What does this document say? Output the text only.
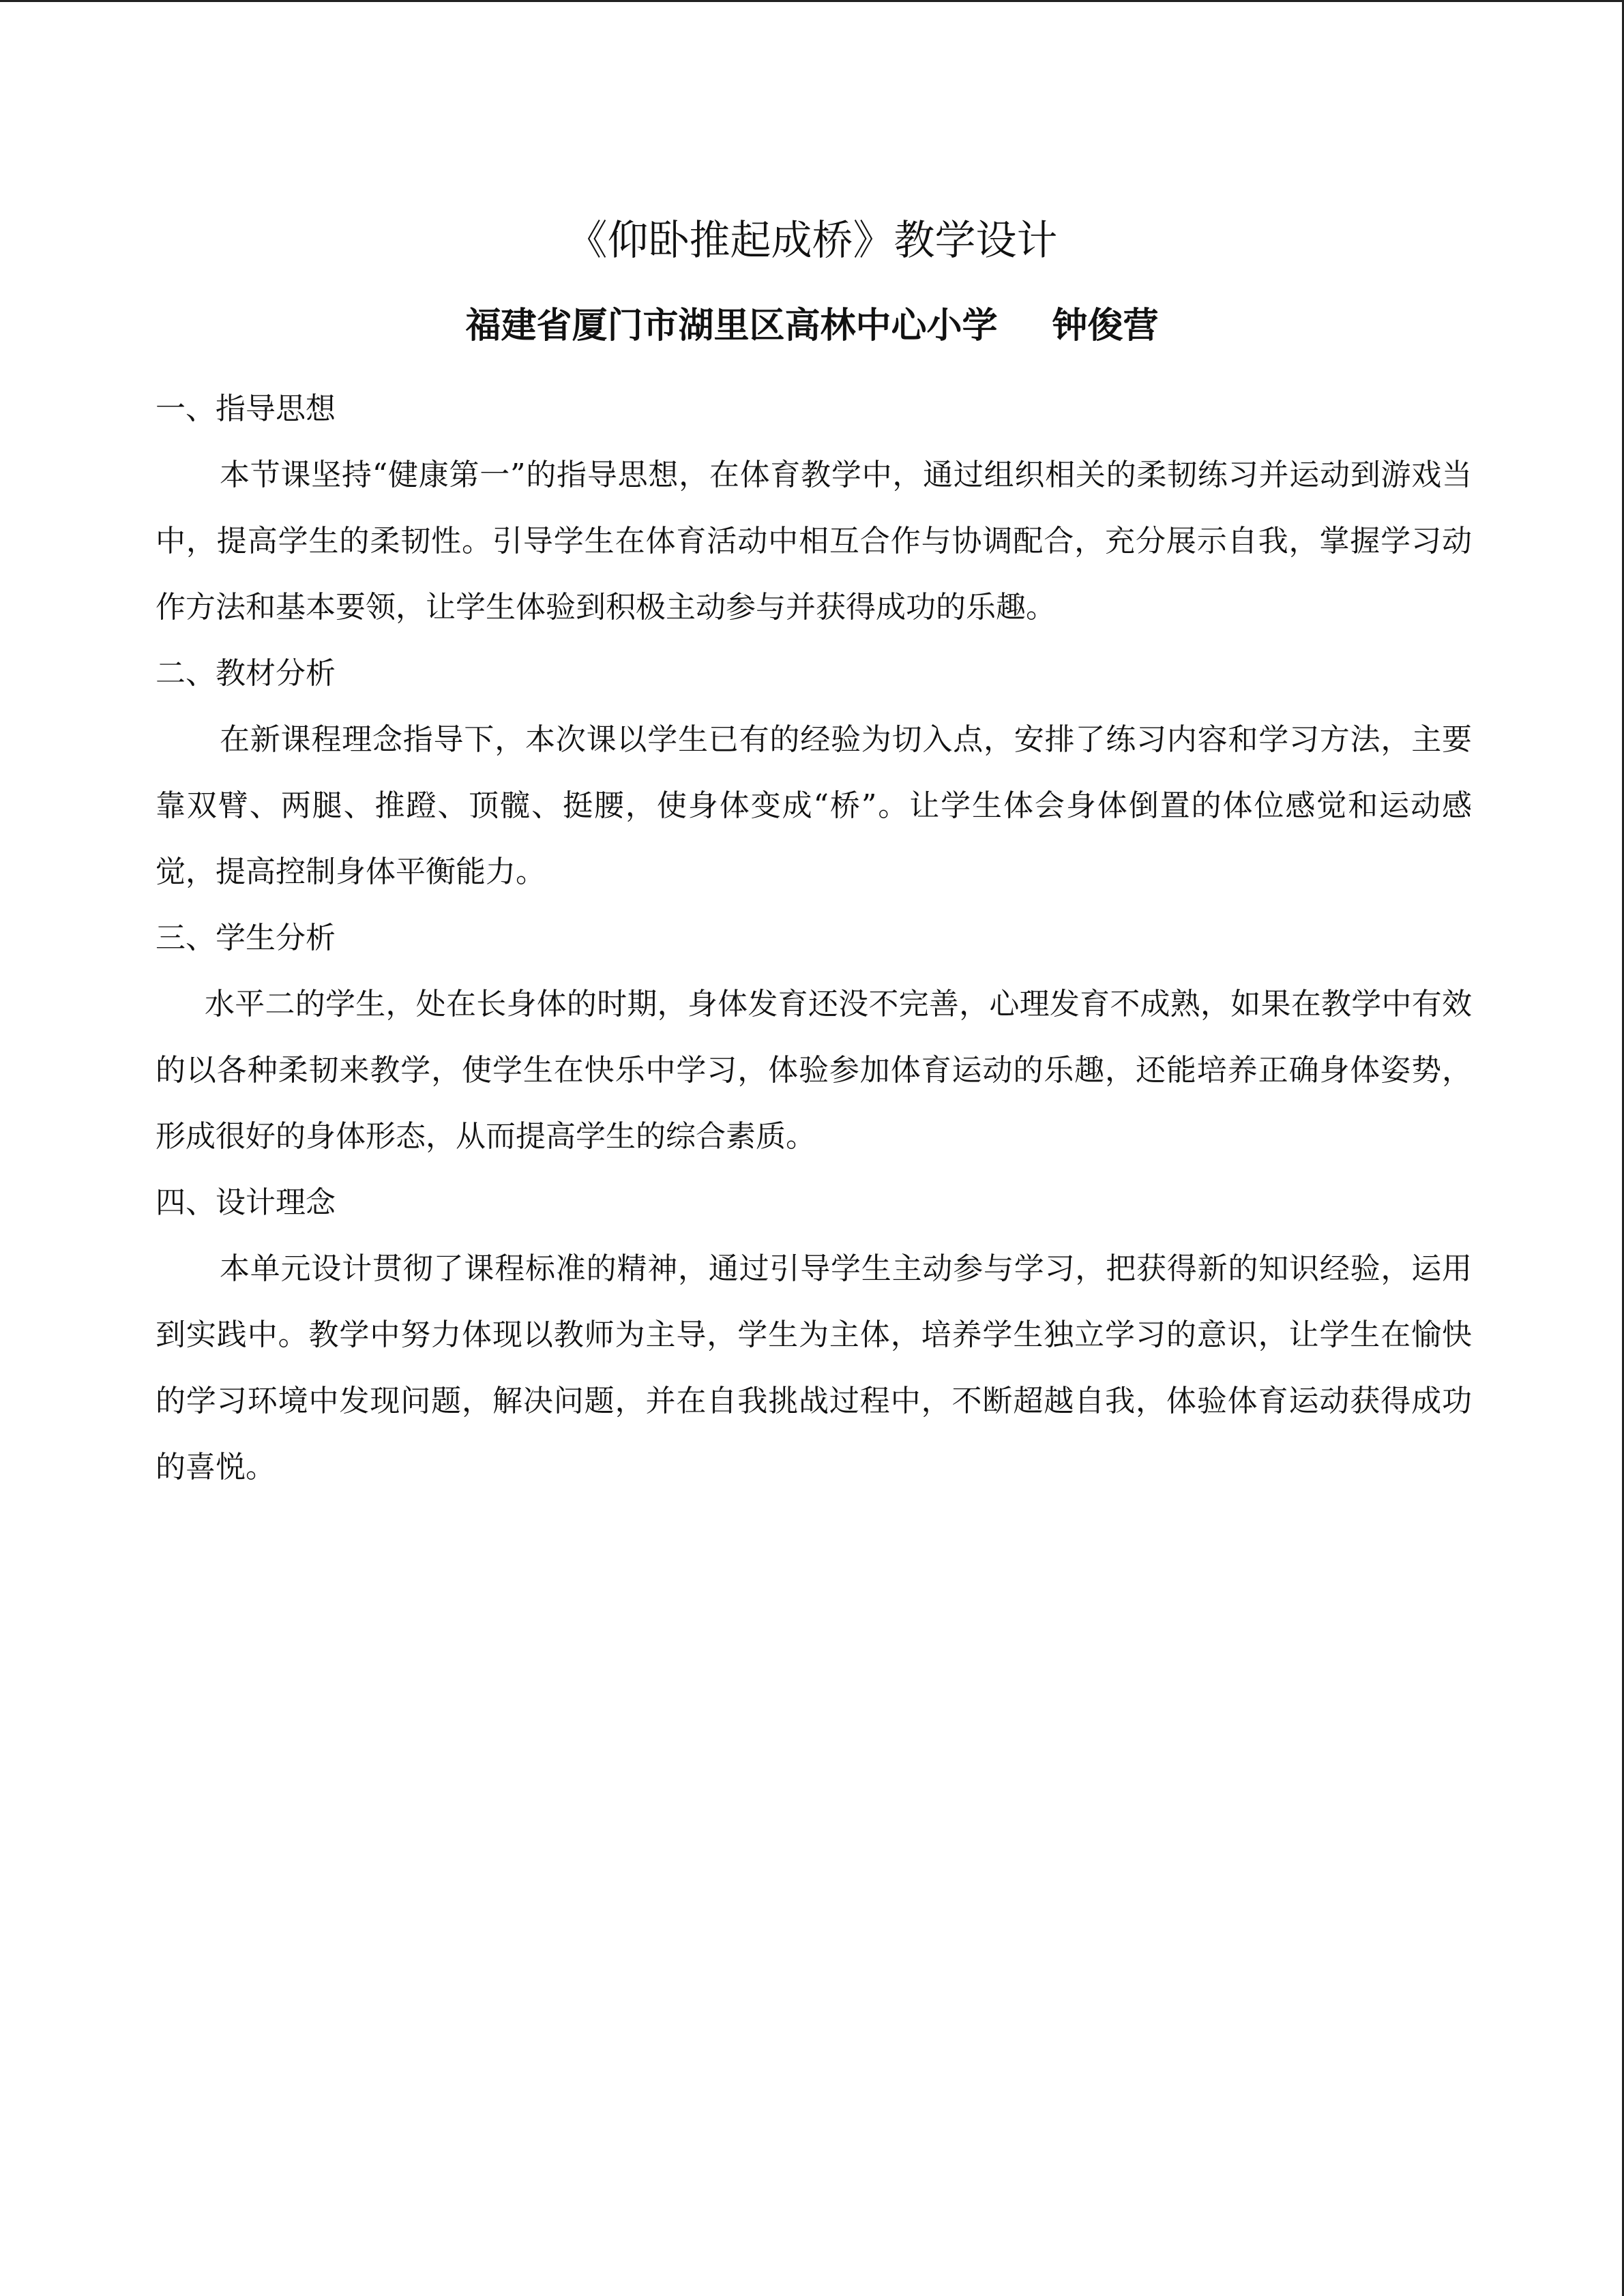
《仰卧推起成桥》教学设计
福建省厦门市湖里区高林中心小学 钟俊营
一、指导思想

本节课坚持“健康第一”的指导思想，在体育教学中，通过组织相关的柔韧练习并运动到游戏当中，提高学生的柔韧性。引导学生在体育活动中相互合作与协调配合，充分展示自我，掌握学习动作方法和基本要领，让学生体验到积极主动参与并获得成功的乐趣。

二、教材分析

在新课程理念指导下，本次课以学生已有的经验为切入点，安排了练习内容和学习方法，主要靠双臂、两腿、推蹬、顶髋、挺腰，使身体变成“桥”。让学生体会身体倒置的体位感觉和运动感觉，提高控制身体平衡能力。

三、学生分析

水平二的学生，处在长身体的时期，身体发育还没不完善，心理发育不成熟，如果在教学中有效的以各种柔韧来教学，使学生在快乐中学习，体验参加体育运动的乐趣，还能培养正确身体姿势，形成很好的身体形态，从而提高学生的综合素质。

四、设计理念

本单元设计贯彻了课程标准的精神，通过引导学生主动参与学习，把获得新的知识经验，运用到实践中。教学中努力体现以教师为主导，学生为主体，培养学生独立学习的意识，让学生在愉快的学习环境中发现问题，解决问题，并在自我挑战过程中，不断超越自我，体验体育运动获得成功的喜悦。
